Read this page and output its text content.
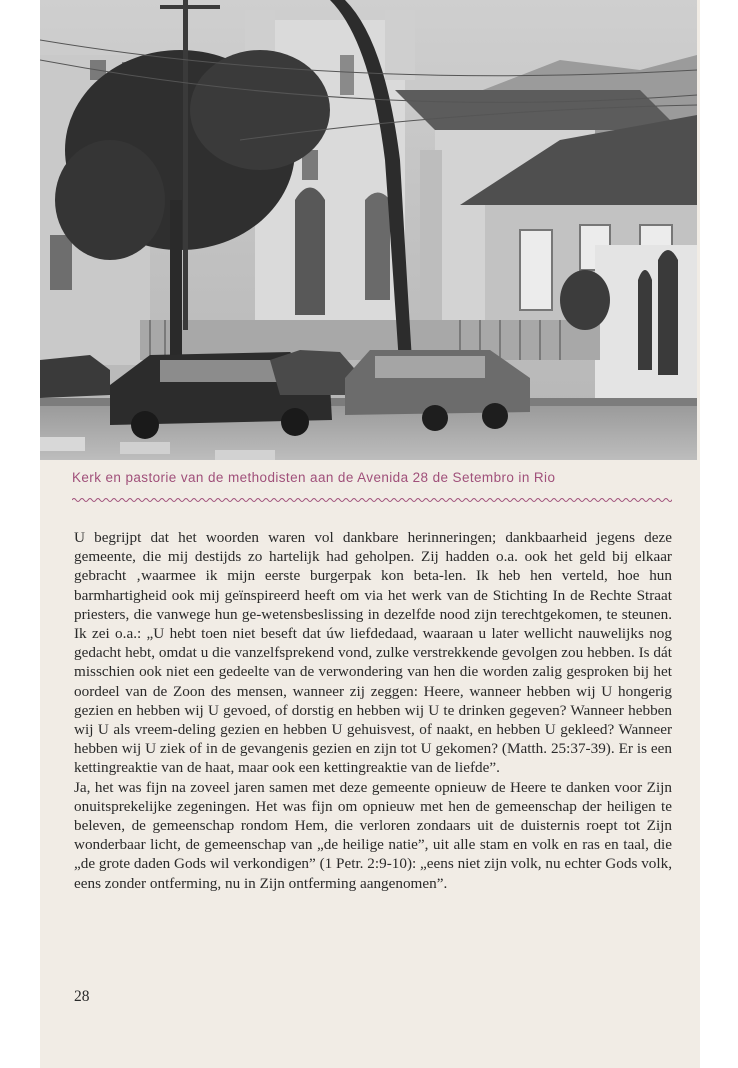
Kerk en pastorie van de methodisten aan de Avenida 28 de Setembro in Rio

U begrijpt dat het woorden waren vol dankbare herinneringen; dankbaarheid jegens deze gemeente, die mij destijds zo hartelijk had geholpen. Zij hadden o.a. ook het geld bij elkaar gebracht ‚waarmee ik mijn eerste burgerpak kon beta-len. Ik heb hen verteld, hoe hun barmhartigheid ook mij geïnspireerd heeft om via het werk van de Stichting In de Rechte Straat priesters, die vanwege hun ge-wetensbeslissing in dezelfde nood zijn terechtgekomen, te steunen. Ik zei o.a.: „U hebt toen niet beseft dat úw liefdedaad, waaraan u later wellicht nauwelijks nog gedacht hebt, omdat u die vanzelfsprekend vond, zulke verstrekkende gevolgen zou hebben. Is dát misschien ook niet een gedeelte van de verwondering van hen die worden zalig gesproken bij het oordeel van de Zoon des mensen, wanneer zij zeggen: Heere, wanneer hebben wij U hongerig gezien en hebben wij U gevoed, of dorstig en hebben wij U te drinken gegeven? Wanneer hebben wij U als vreem-deling gezien en hebben U gehuisvest, of naakt, en hebben U gekleed? Wanneer hebben wij U ziek of in de gevangenis gezien en zijn tot U gekomen? (Matth. 25:37-39). Er is een kettingreaktie van de haat, maar ook een kettingreaktie van de liefde”.

Ja, het was fijn na zoveel jaren samen met deze gemeente opnieuw de Heere te danken voor Zijn onuitsprekelijke zegeningen. Het was fijn om opnieuw met hen de gemeenschap der heiligen te beleven, de gemeenschap rondom Hem, die verloren zondaars uit de duisternis roept tot Zijn wonderbaar licht, de gemeenschap van „de heilige natie”, uit alle stam en volk en ras en taal, die „de grote daden Gods wil verkondigen” (1 Petr. 2:9-10): „eens niet zijn volk, nu echter Gods volk, eens zonder ontferming, nu in Zijn ontferming aangenomen”.

28
